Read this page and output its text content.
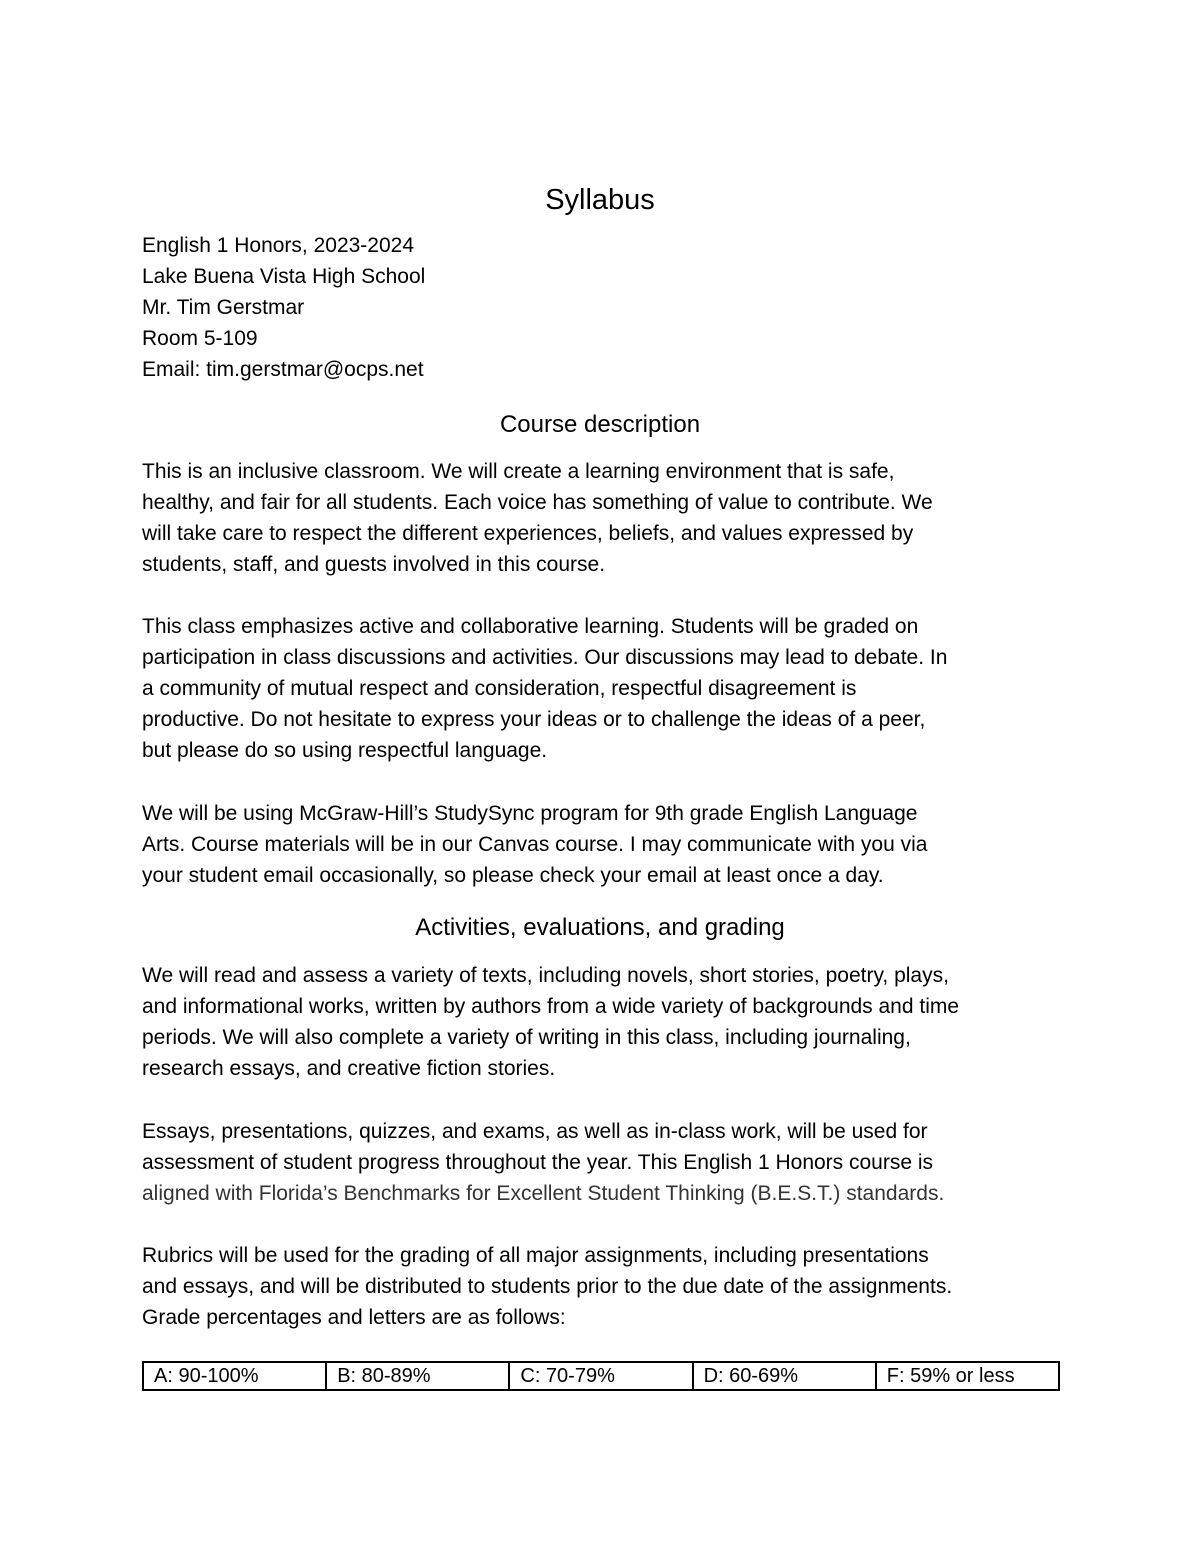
Syllabus
English 1 Honors, 2023-2024
Lake Buena Vista High School
Mr. Tim Gerstmar
Room 5-109
Email: tim.gerstmar@ocps.net
Course description
This is an inclusive classroom. We will create a learning environment that is safe,
healthy, and fair for all students. Each voice has something of value to contribute. We
will take care to respect the different experiences, beliefs, and values expressed by
students, staff, and guests involved in this course.
This class emphasizes active and collaborative learning. Students will be graded on
participation in class discussions and activities. Our discussions may lead to debate. In
a community of mutual respect and consideration, respectful disagreement is
productive. Do not hesitate to express your ideas or to challenge the ideas of a peer,
but please do so using respectful language.
We will be using McGraw-Hill’s StudySync program for 9th grade English Language
Arts. Course materials will be in our Canvas course. I may communicate with you via
your student email occasionally, so please check your email at least once a day.
Activities, evaluations, and grading
We will read and assess a variety of texts, including novels, short stories, poetry, plays,
and informational works, written by authors from a wide variety of backgrounds and time
periods. We will also complete a variety of writing in this class, including journaling,
research essays, and creative fiction stories.
Essays, presentations, quizzes, and exams, as well as in-class work, will be used for
assessment of student progress throughout the year. This English 1 Honors course is
aligned with Florida’s Benchmarks for Excellent Student Thinking (B.E.S.T.) standards.
Rubrics will be used for the grading of all major assignments, including presentations
and essays, and will be distributed to students prior to the due date of the assignments.
Grade percentages and letters are as follows:
A: 90-100%	B: 80-89%	C: 70-79%	D: 60-69%	F: 59% or less
